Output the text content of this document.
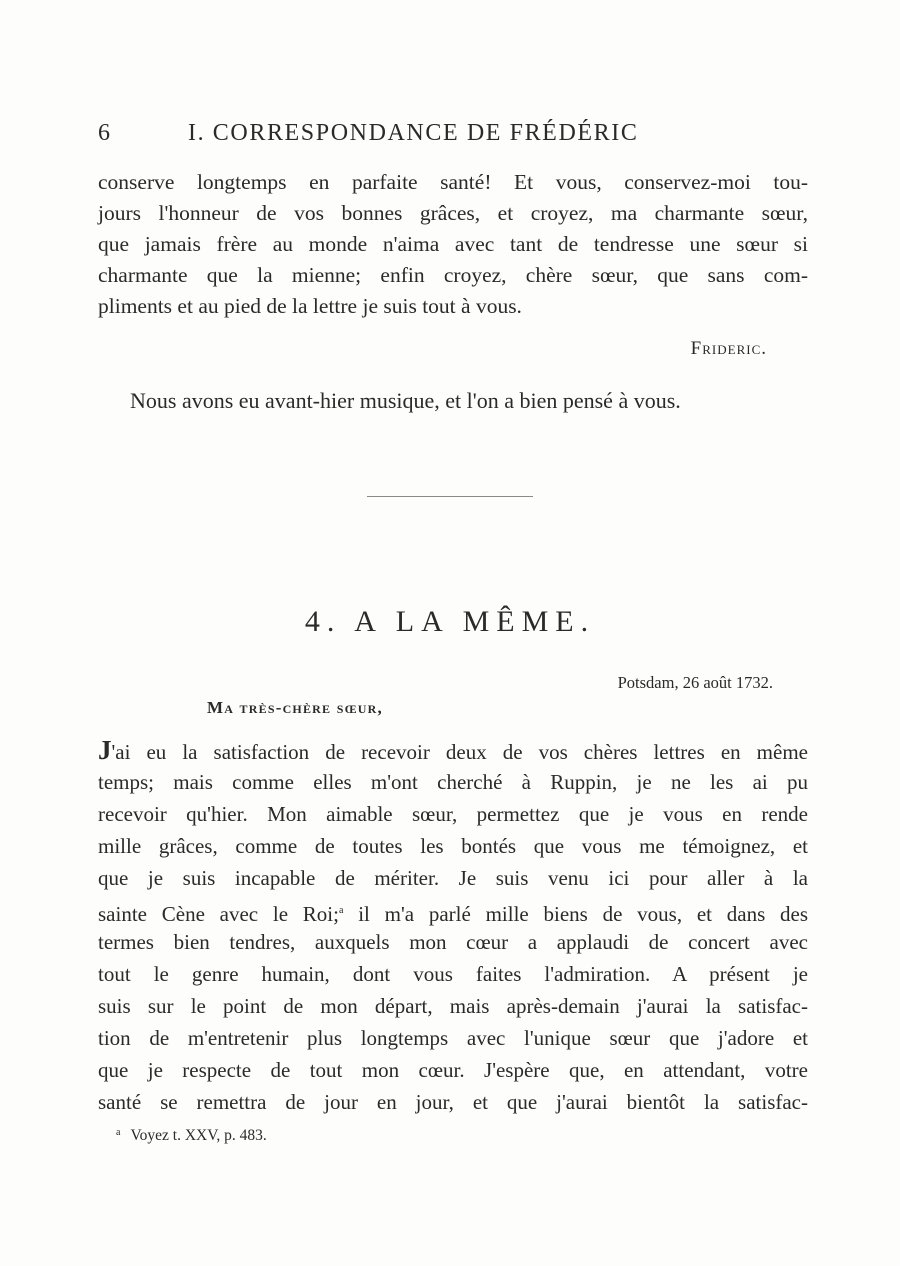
6	I. CORRESPONDANCE DE FRÉDÉRIC
conserve longtemps en parfaite santé! Et vous, conservez-moi tou-
jours l'honneur de vos bonnes grâces, et croyez, ma charmante sœur,
que jamais frère au monde n'aima avec tant de tendresse une sœur si
charmante que la mienne; enfin croyez, chère sœur, que sans com-
pliments et au pied de la lettre je suis tout à vous.
Frideric.
Nous avons eu avant-hier musique, et l'on a bien pensé à vous.
4. A LA MÊME.
Potsdam, 26 août 1732.
Ma très-chère sœur,
J'ai eu la satisfaction de recevoir deux de vos chères lettres en même
temps; mais comme elles m'ont cherché à Ruppin, je ne les ai pu
recevoir qu'hier. Mon aimable sœur, permettez que je vous en rende
mille grâces, comme de toutes les bontés que vous me témoignez, et
que je suis incapable de mériter. Je suis venu ici pour aller à la
sainte Cène avec le Roi;$^a$ il m'a parlé mille biens de vous, et dans des
termes bien tendres, auxquels mon cœur a applaudi de concert avec
tout le genre humain, dont vous faites l'admiration. A présent je
suis sur le point de mon départ, mais après-demain j'aurai la satisfac-
tion de m'entretenir plus longtemps avec l'unique sœur que j'adore et
que je respecte de tout mon cœur. J'espère que, en attendant, votre
santé se remettra de jour en jour, et que j'aurai bientôt la satisfac-
$^a$ Voyez t. XXV, p. 483.
